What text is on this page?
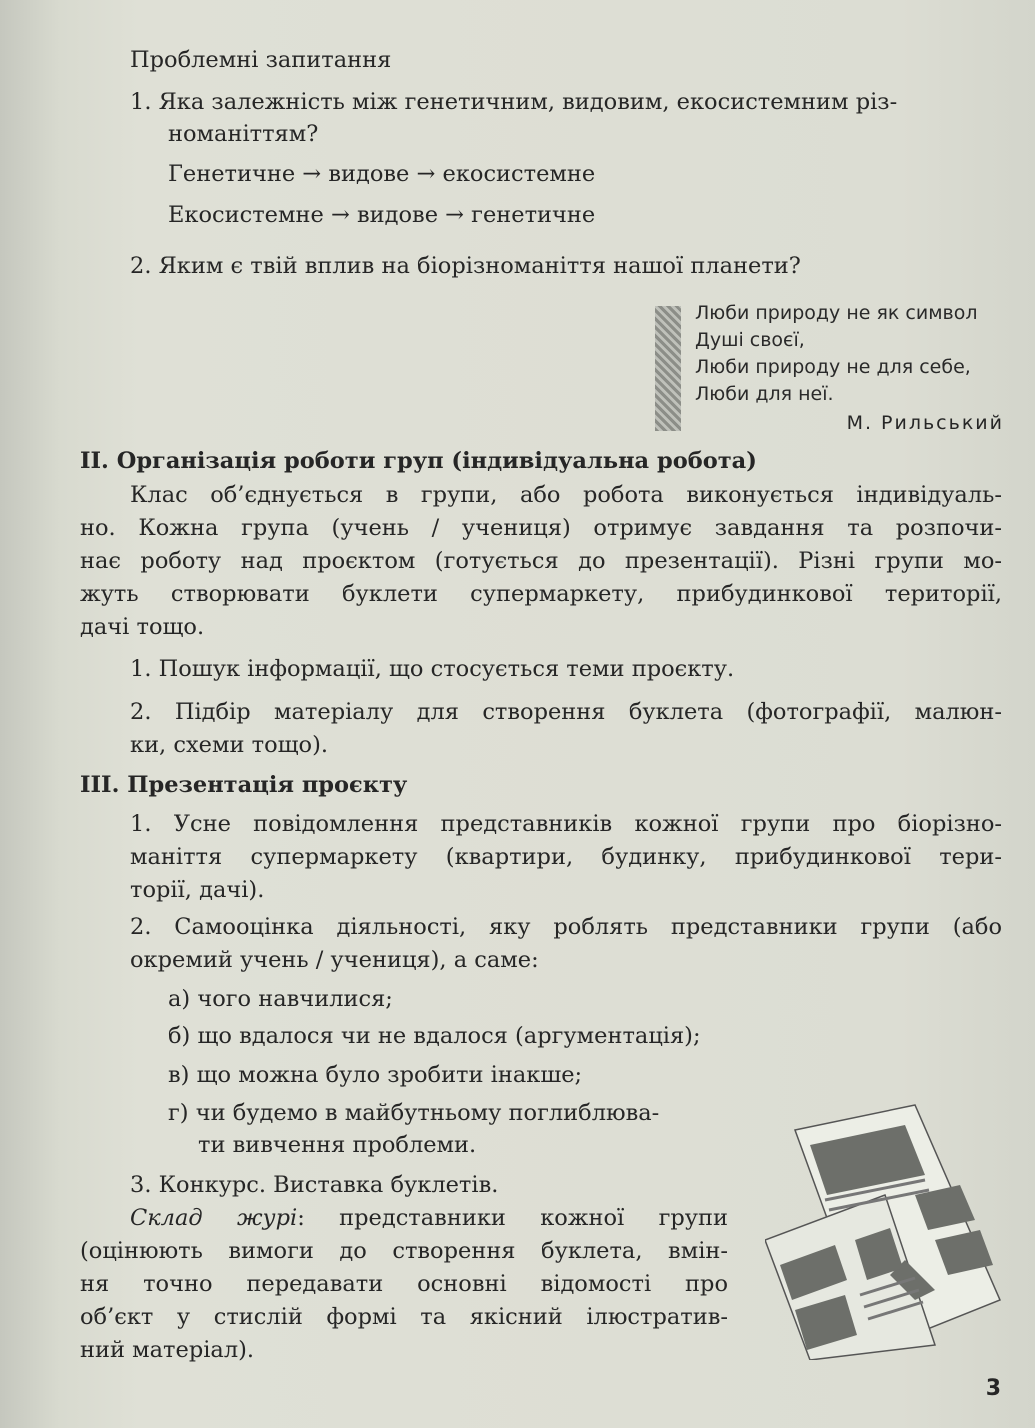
Проблемні запитання
1. Яка залежність між генетичним, видовим, екосистемним різ-
номаніттям?
Генетичне → видове → екосистемне
Екосистемне → видове → генетичне
2. Яким є твій вплив на біорізноманіття нашої планети?
Люби природу не як символ
Душі своєї,
Люби природу не для себе,
Люби для неї.
М. Рильський
II. Організація роботи груп (індивідуальна робота)
Клас об’єднується в групи, або робота виконується індивідуаль-
но. Кожна група (учень / учениця) отримує завдання та розпочи-
нає роботу над проєктом (готується до презентації). Різні групи мо-
жуть створювати буклети супермаркету, прибудинкової території,
дачі тощо.
1. Пошук інформації, що стосується теми проєкту.
2. Підбір матеріалу для створення буклета (фотографії, малюн-
ки, схеми тощо).
III. Презентація проєкту
1. Усне повідомлення представників кожної групи про біорізно-
маніття супермаркету (квартири, будинку, прибудинкової тери-
торії, дачі).
2. Самооцінка діяльності, яку роблять представники групи (або
окремий учень / учениця), а саме:
а) чого навчилися;
б) що вдалося чи не вдалося (аргументація);
в) що можна було зробити інакше;
г) чи будемо в майбутньому поглиблюва-
ти вивчення проблеми.
3. Конкурс. Виставка буклетів.
Склад журі: представники кожної групи
(оцінюють вимоги до створення буклета, вмін-
ня точно передавати основні відомості про
об’єкт у стислій формі та якісний ілюстратив-
ний матеріал).
3
